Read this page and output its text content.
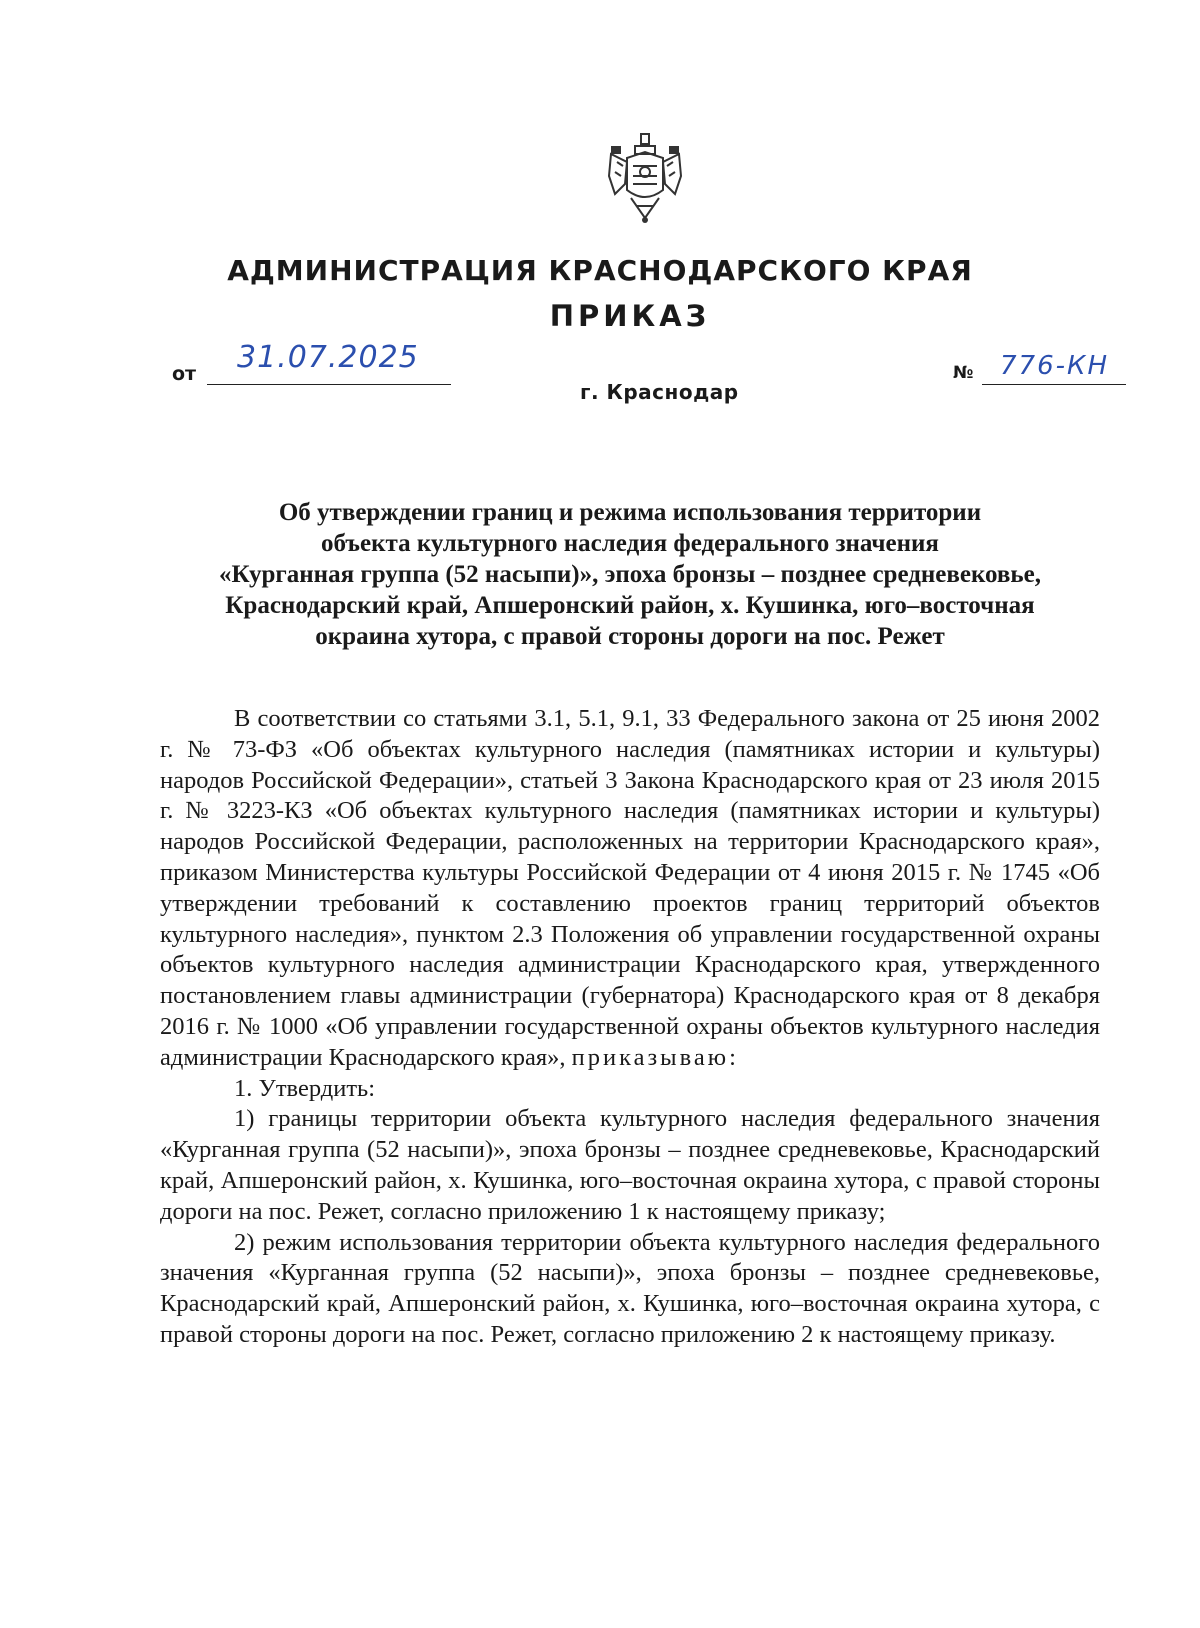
АДМИНИСТРАЦИЯ КРАСНОДАРСКОГО КРАЯ
ПРИКАЗ
от 31.07.2025
г. Краснодар
№ 776-КН
Об утверждении границ и режима использования территории
объекта культурного наследия федерального значения
«Курганная группа (52 насыпи)», эпоха бронзы – позднее средневековье,
Краснодарский край, Апшеронский район, х. Кушинка, юго–восточная
окраина хутора, с правой стороны дороги на пос. Режет

В соответствии со статьями 3.1, 5.1, 9.1, 33 Федерального закона от 25 июня 2002 г. № 73-ФЗ «Об объектах культурного наследия (памятниках истории и культуры) народов Российской Федерации», статьей 3 Закона Краснодарского края от 23 июля 2015 г. № 3223-КЗ «Об объектах культурного наследия (памятниках истории и культуры) народов Российской Федерации, расположенных на территории Краснодарского края», приказом Министерства культуры Российской Федерации от 4 июня 2015 г. № 1745 «Об утверждении требований к составлению проектов границ территорий объектов культурного наследия», пунктом 2.3 Положения об управлении государственной охраны объектов культурного наследия администрации Краснодарского края, утвержденного постановлением главы администрации (губернатора) Краснодарского края от 8 декабря 2016 г. № 1000 «Об управлении государственной охраны объектов культурного наследия администрации Краснодарского края», приказываю:

1. Утвердить:

1) границы территории объекта культурного наследия федерального значения «Курганная группа (52 насыпи)», эпоха бронзы – позднее средневековье, Краснодарский край, Апшеронский район, х. Кушинка, юго–восточная окраина хутора, с правой стороны дороги на пос. Режет, согласно приложению 1 к настоящему приказу;

2) режим использования территории объекта культурного наследия федерального значения «Курганная группа (52 насыпи)», эпоха бронзы – позднее средневековье, Краснодарский край, Апшеронский район, х. Кушинка, юго–восточная окраина хутора, с правой стороны дороги на пос. Режет, согласно приложению 2 к настоящему приказу.
